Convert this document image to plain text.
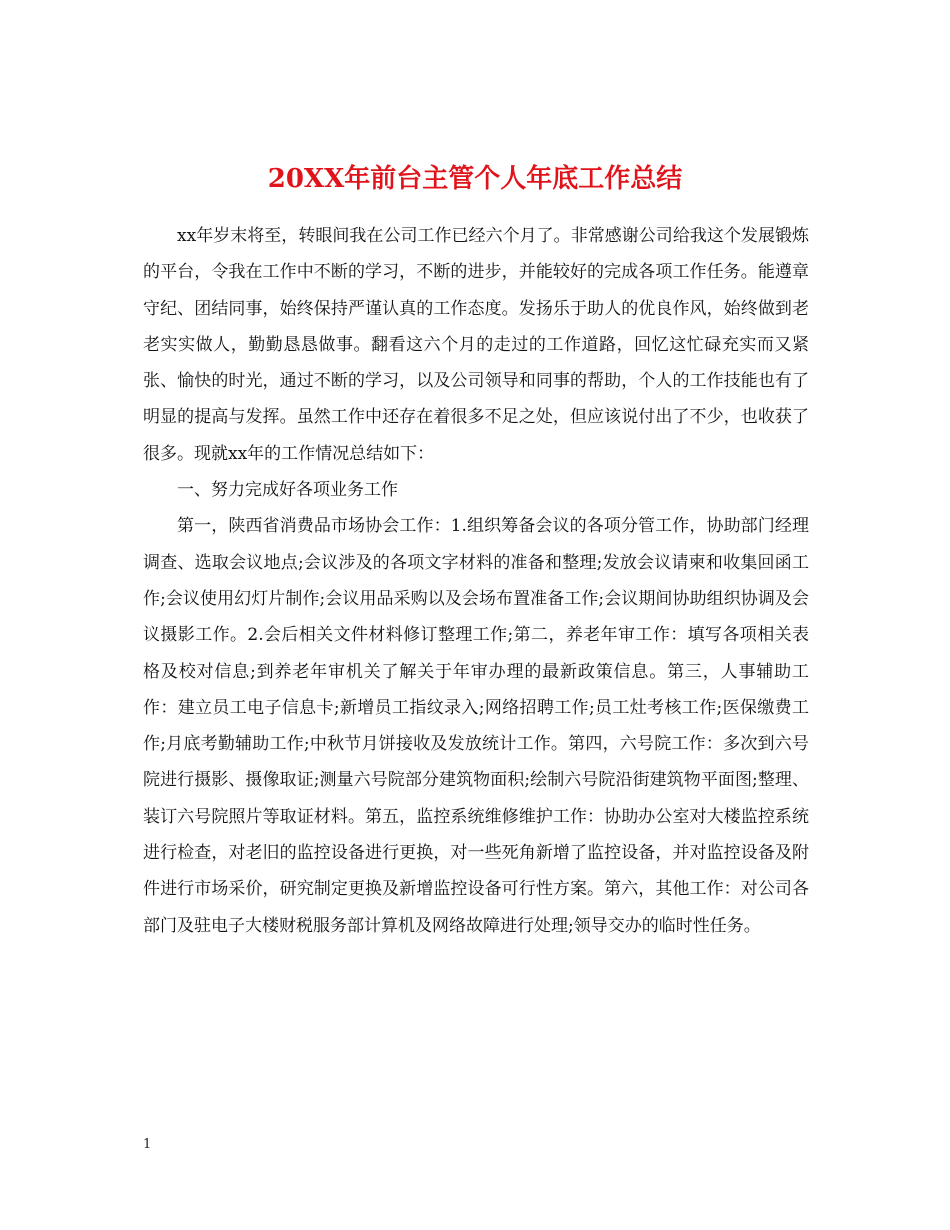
20XX年前台主管个人年底工作总结

xx年岁末将至，转眼间我在公司工作已经六个月了。非常感谢公司给我这个发展锻炼的平台，令我在工作中不断的学习，不断的进步，并能较好的完成各项工作任务。能遵章守纪、团结同事，始终保持严谨认真的工作态度。发扬乐于助人的优良作风，始终做到老老实实做人，勤勤恳恳做事。翻看这六个月的走过的工作道路，回忆这忙碌充实而又紧张、愉快的时光，通过不断的学习，以及公司领导和同事的帮助，个人的工作技能也有了明显的提高与发挥。虽然工作中还存在着很多不足之处，但应该说付出了不少，也收获了很多。现就xx年的工作情况总结如下：

一、努力完成好各项业务工作

第一，陕西省消费品市场协会工作：1.组织筹备会议的各项分管工作，协助部门经理调查、选取会议地点;会议涉及的各项文字材料的准备和整理;发放会议请柬和收集回函工作;会议使用幻灯片制作;会议用品采购以及会场布置准备工作;会议期间协助组织协调及会议摄影工作。2.会后相关文件材料修订整理工作;第二，养老年审工作：填写各项相关表格及校对信息;到养老年审机关了解关于年审办理的最新政策信息。第三，人事辅助工作：建立员工电子信息卡;新增员工指纹录入;网络招聘工作;员工灶考核工作;医保缴费工作;月底考勤辅助工作;中秋节月饼接收及发放统计工作。第四，六号院工作：多次到六号院进行摄影、摄像取证;测量六号院部分建筑物面积;绘制六号院沿街建筑物平面图;整理、装订六号院照片等取证材料。第五，监控系统维修维护工作：协助办公室对大楼监控系统进行检查，对老旧的监控设备进行更换，对一些死角新增了监控设备，并对监控设备及附件进行市场采价，研究制定更换及新增监控设备可行性方案。第六，其他工作：对公司各部门及驻电子大楼财税服务部计算机及网络故障进行处理;领导交办的临时性任务。

1
